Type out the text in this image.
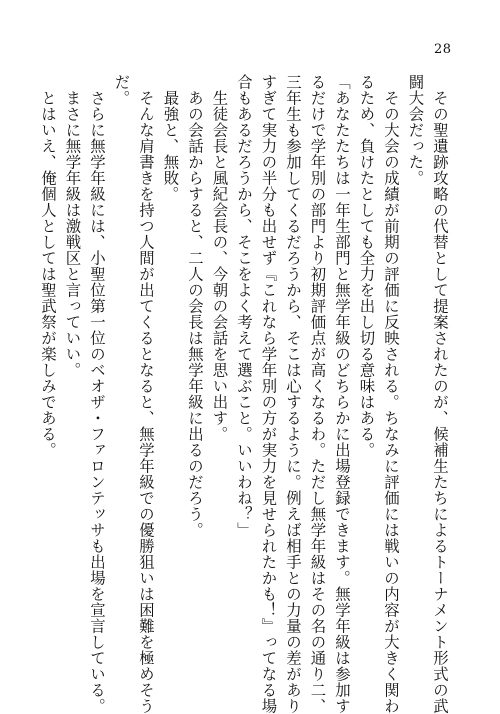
28
　その聖遺跡攻略の代替として提案されたのが、候補生たちによるトーナメント形式の武
闘大会だった。
　その大会の成績が前期の評価に反映される。ちなみに評価には戦いの内容が大きく関わ
るため、負けたとしても全力を出し切る意味はある。
「あなたたちは一年生部門と無学年級のどちらかに出場登録できます。無学年級は参加す
るだけで学年別の部門より初期評価点が高くなるわ。ただし無学年級はその名の通り二、
三年生も参加してくるだろうから、そこは心するように。例えば相手との力量の差があり
すぎて実力の半分も出せず『これなら学年別の方が実力を見せられたかも！』ってなる場
合もあるだろうから、そこをよく考えて選ぶこと。いいわね？」
　生徒会長と風紀会長の、今朝の会話を思い出す。
　あの会話からすると、二人の会長は無学年級に出るのだろう。
　最強と、無敗。
　そんな肩書きを持つ人間が出てくるとなると、無学年級での優勝狙いは困難を極めそう
だ。
　さらに無学年級には、小聖位第一位のベオザ・ファロンテッサも出場を宣言している。
　まさに無学年級は激戦区と言っていい。
　とはいえ、俺個人としては聖武祭が楽しみである。
